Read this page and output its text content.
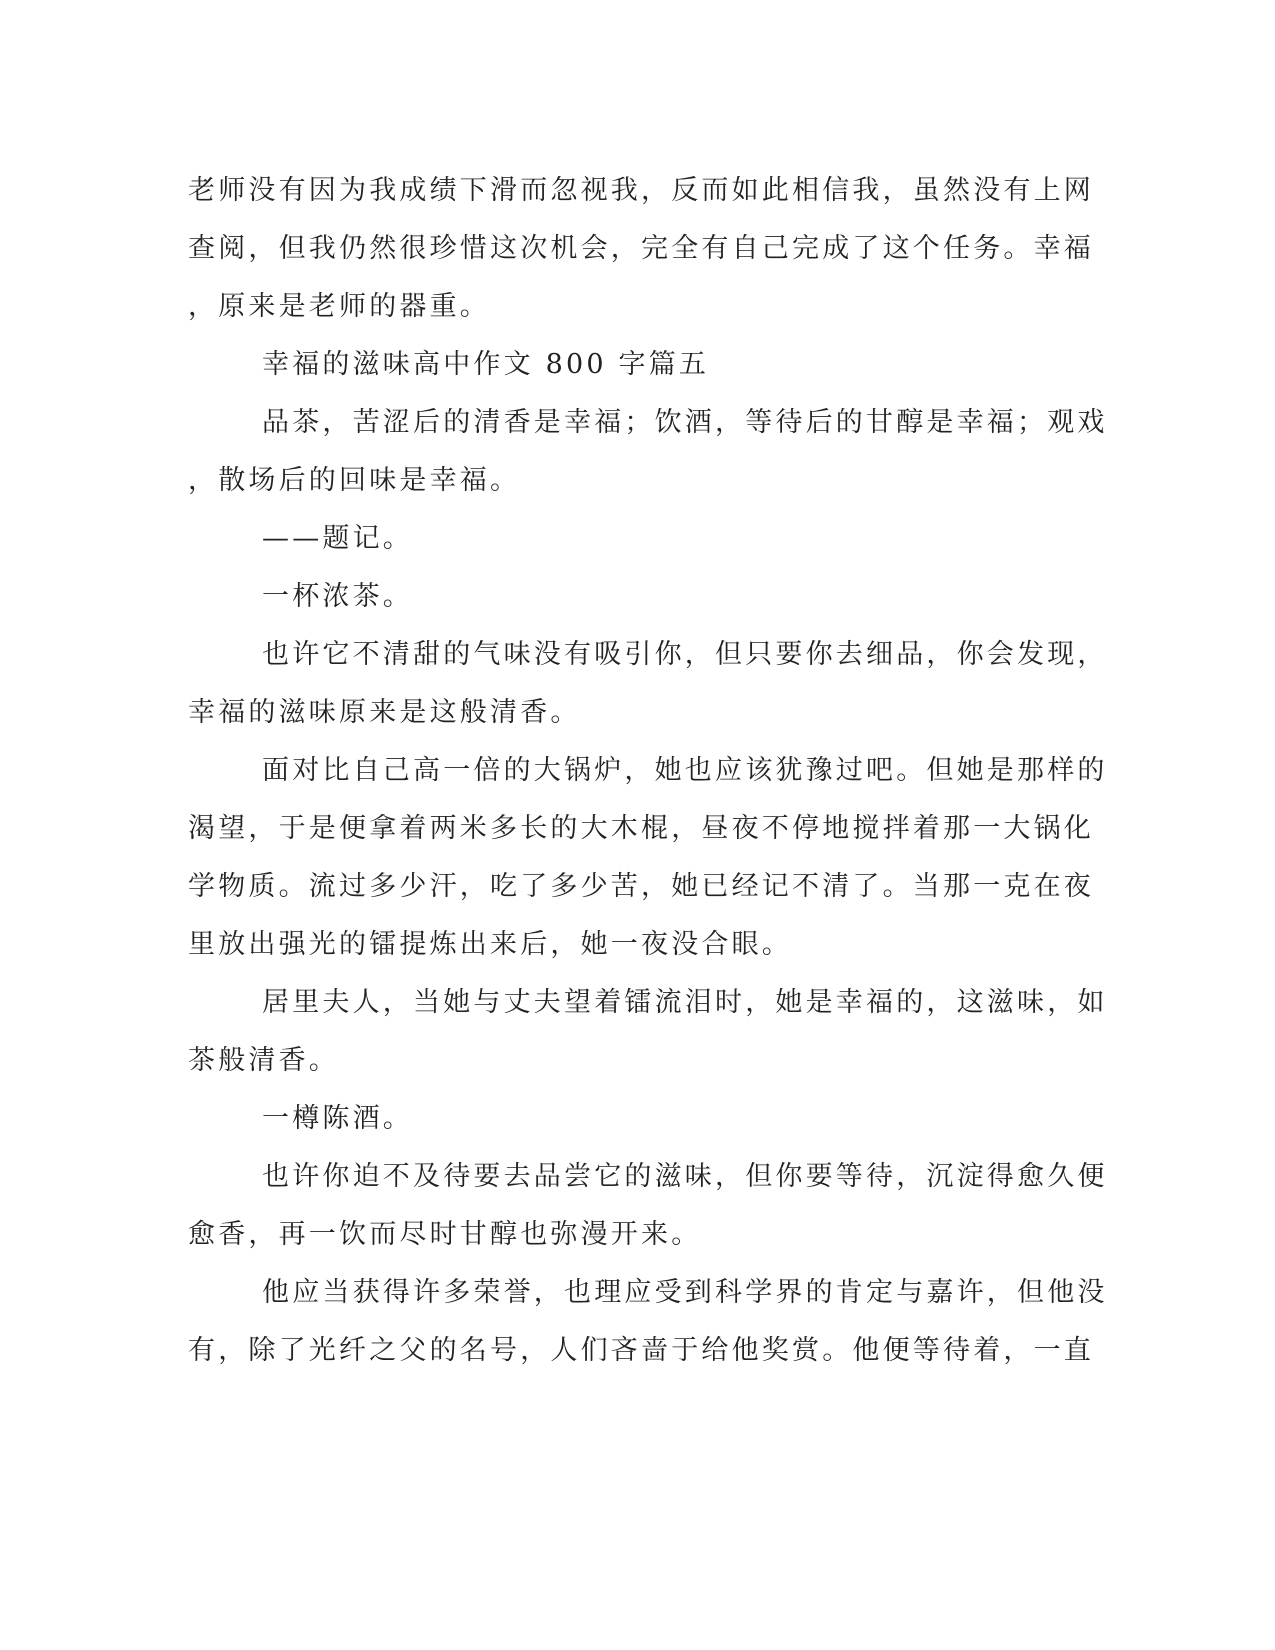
老师没有因为我成绩下滑而忽视我，反而如此相信我，虽然没有上网
查阅，但我仍然很珍惜这次机会，完全有自己完成了这个任务。幸福
，原来是老师的器重。
幸福的滋味高中作文 800 字篇五
品茶，苦涩后的清香是幸福；饮酒，等待后的甘醇是幸福；观戏
，散场后的回味是幸福。
——题记。
一杯浓茶。
也许它不清甜的气味没有吸引你，但只要你去细品，你会发现，
幸福的滋味原来是这般清香。
面对比自己高一倍的大锅炉，她也应该犹豫过吧。但她是那样的
渴望，于是便拿着两米多长的大木棍，昼夜不停地搅拌着那一大锅化
学物质。流过多少汗，吃了多少苦，她已经记不清了。当那一克在夜
里放出强光的镭提炼出来后，她一夜没合眼。
居里夫人，当她与丈夫望着镭流泪时，她是幸福的，这滋味，如
茶般清香。
一樽陈酒。
也许你迫不及待要去品尝它的滋味，但你要等待，沉淀得愈久便
愈香，再一饮而尽时甘醇也弥漫开来。
他应当获得许多荣誉，也理应受到科学界的肯定与嘉许，但他没
有，除了光纤之父的名号，人们吝啬于给他奖赏。他便等待着，一直
